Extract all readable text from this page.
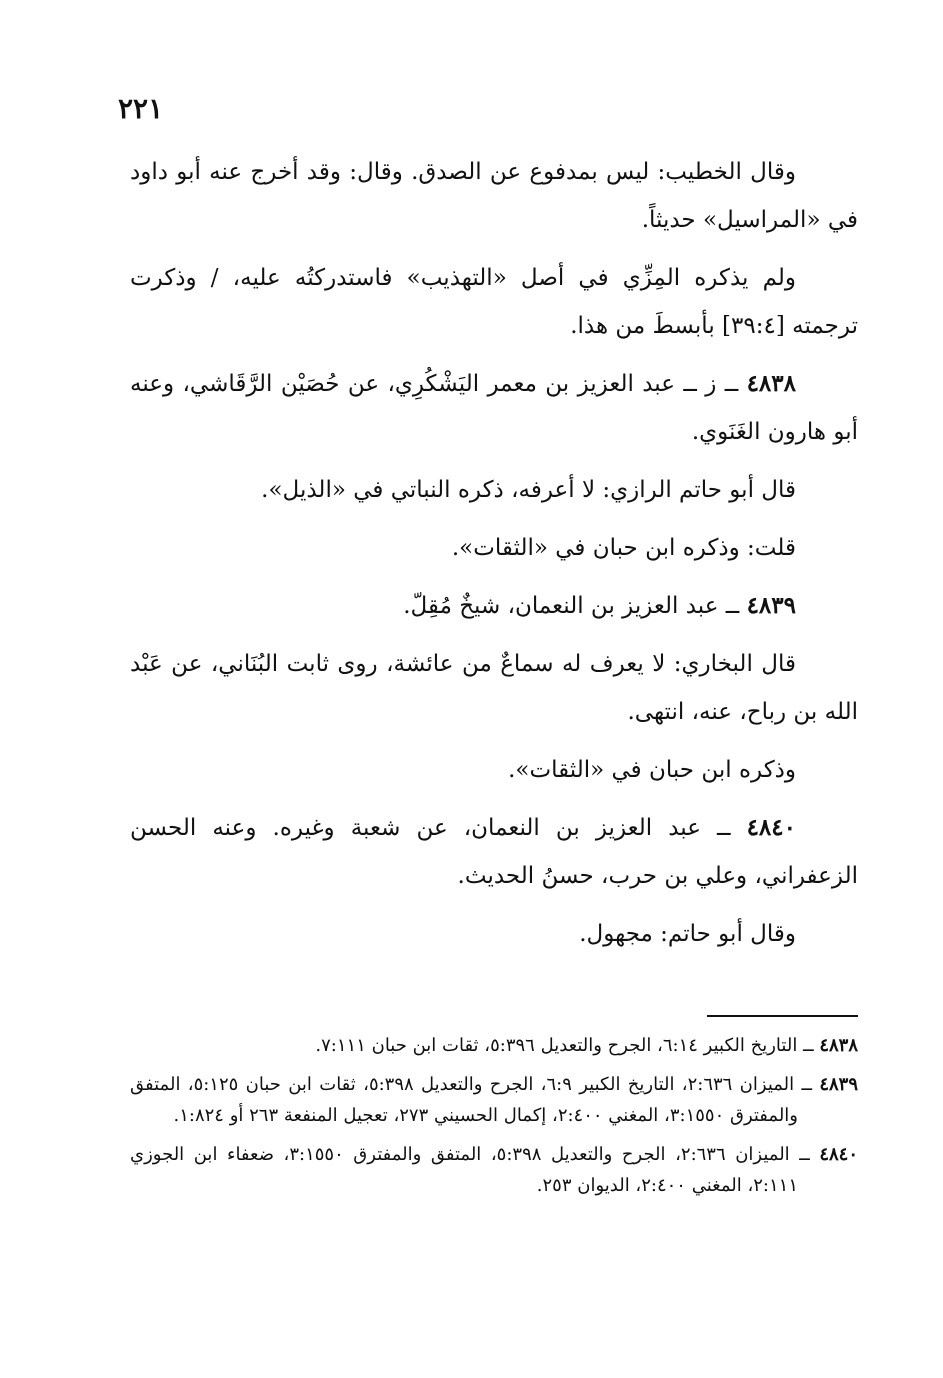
٢٢١

وقال الخطيب: ليس بمدفوع عن الصدق. وقال: وقد أخرج عنه أبو داود في «المراسيل» حديثاً.

ولم يذكره المِزِّي في أصل «التهذيب» فاستدركتُه عليه، / وذكرت ترجمته [٣٩:٤] بأبسطَ من هذا.

٤٨٣٨ ــ ز ــ عبد العزيز بن معمر اليَشْكُرِي، عن حُصَيْن الرَّقَاشي، وعنه أبو هارون الغَنَوي.

قال أبو حاتم الرازي: لا أعرفه، ذكره النباتي في «الذيل».

قلت: وذكره ابن حبان في «الثقات».

٤٨٣٩ ــ عبد العزيز بن النعمان، شيخٌ مُقِلّ.

قال البخاري: لا يعرف له سماعٌ من عائشة، روى ثابت البُنَاني، عن عَبْد الله بن رباح، عنه، انتهى.

وذكره ابن حبان في «الثقات».

٤٨٤٠ ــ عبد العزيز بن النعمان، عن شعبة وغيره. وعنه الحسن الزعفراني، وعلي بن حرب، حسنُ الحديث.

وقال أبو حاتم: مجهول.

٤٨٣٨ ــ التاريخ الكبير ٦:١٤، الجرح والتعديل ٥:٣٩٦، ثقات ابن حبان ٧:١١١.

٤٨٣٩ ــ الميزان ٢:٦٣٦، التاريخ الكبير ٦:٩، الجرح والتعديل ٥:٣٩٨، ثقات ابن حبان ٥:١٢٥، المتفق والمفترق ٣:١٥٥٠، المغني ٢:٤٠٠، إكمال الحسيني ٢٧٣، تعجيل المنفعة ٢٦٣ أو ١:٨٢٤.

٤٨٤٠ ــ الميزان ٢:٦٣٦، الجرح والتعديل ٥:٣٩٨، المتفق والمفترق ٣:١٥٥٠، ضعفاء ابن الجوزي ٢:١١١، المغني ٢:٤٠٠، الديوان ٢٥٣.
